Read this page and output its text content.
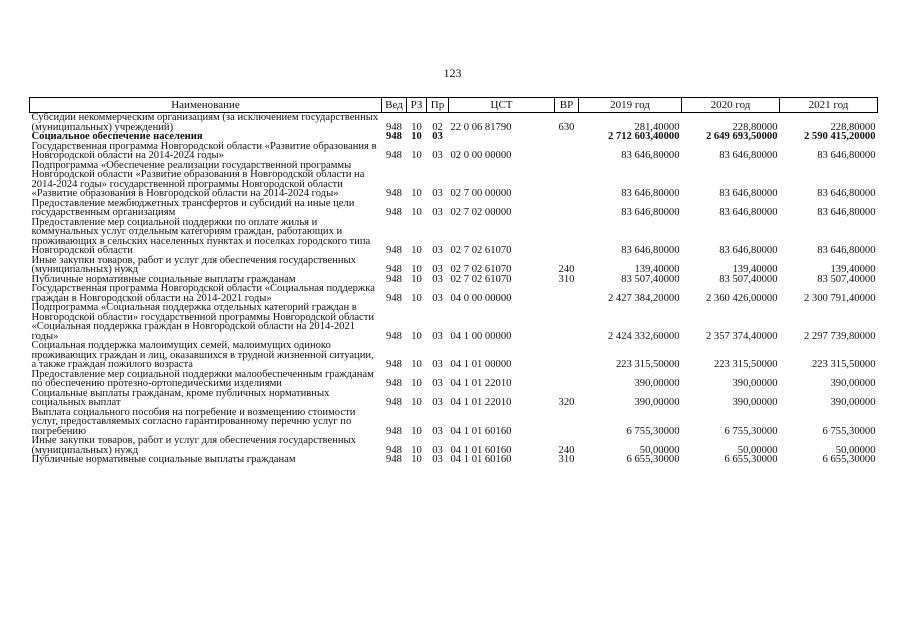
123
Наименование	Вед	РЗ	Пр	ЦСТ	ВР	2019 год	2020 год	2021 год
Субсидии некоммерческим организациям (за исключением государственных (муниципальных) учреждений)	948	10	02	22 0 06 81790	630	281,40000	228,80000	228,80000
Социальное обеспечение населения	948	10	03			2 712 603,40000	2 649 693,50000	2 590 415,20000
Государственная программа Новгородской области «Развитие образования в Новгородской области на 2014-2024 годы»	948	10	03	02 0 00 00000		83 646,80000	83 646,80000	83 646,80000
Подпрограмма «Обеспечение реализации государственной программы Новгородской области «Развитие образования в Новгородской области на 2014-2024 годы» государственной программы Новгородской области «Развитие образования в Новгородской области на 2014-2024 годы»	948	10	03	02 7 00 00000		83 646,80000	83 646,80000	83 646,80000
Предоставление межбюджетных трансфертов и субсидий на иные цели государственным организациям	948	10	03	02 7 02 00000		83 646,80000	83 646,80000	83 646,80000
Предоставление мер социальной поддержки по оплате жилья и коммунальных услуг отдельным категориям граждан, работающих и проживающих в сельских населенных пунктах и поселках городского типа Новгородской области	948	10	03	02 7 02 61070		83 646,80000	83 646,80000	83 646,80000
Иные закупки товаров, работ и услуг для обеспечения государственных (муниципальных) нужд	948	10	03	02 7 02 61070	240	139,40000	139,40000	139,40000
Публичные нормативные социальные выплаты гражданам	948	10	03	02 7 02 61070	310	83 507,40000	83 507,40000	83 507,40000
Государственная программа Новгородской области «Социальная поддержка граждан в Новгородской области на 2014-2021 годы»	948	10	03	04 0 00 00000		2 427 384,20000	2 360 426,00000	2 300 791,40000
Подпрограмма «Социальная поддержка отдельных категорий граждан в Новгородской области» государственной программы Новгородской области «Социальная поддержка граждан в Новгородской области на 2014-2021 годы»	948	10	03	04 1 00 00000		2 424 332,60000	2 357 374,40000	2 297 739,80000
Социальная поддержка малоимущих семей, малоимущих одиноко проживающих граждан и лиц, оказавшихся в трудной жизненной ситуации, а также граждан пожилого возраста	948	10	03	04 1 01 00000		223 315,50000	223 315,50000	223 315,50000
Предоставление мер социальной поддержки малообеспеченным гражданам по обеспечению протезно-ортопедическими изделиями	948	10	03	04 1 01 22010		390,00000	390,00000	390,00000
Социальные выплаты гражданам, кроме публичных нормативных социальных выплат	948	10	03	04 1 01 22010	320	390,00000	390,00000	390,00000
Выплата социального пособия на погребение и возмещению стоимости услуг, предоставляемых согласно гарантированному перечню услуг по погребению	948	10	03	04 1 01 60160		6 755,30000	6 755,30000	6 755,30000
Иные закупки товаров, работ и услуг для обеспечения государственных (муниципальных) нужд	948	10	03	04 1 01 60160	240	50,00000	50,00000	50,00000
Публичные нормативные социальные выплаты гражданам	948	10	03	04 1 01 60160	310	6 655,30000	6 655,30000	6 655,30000
